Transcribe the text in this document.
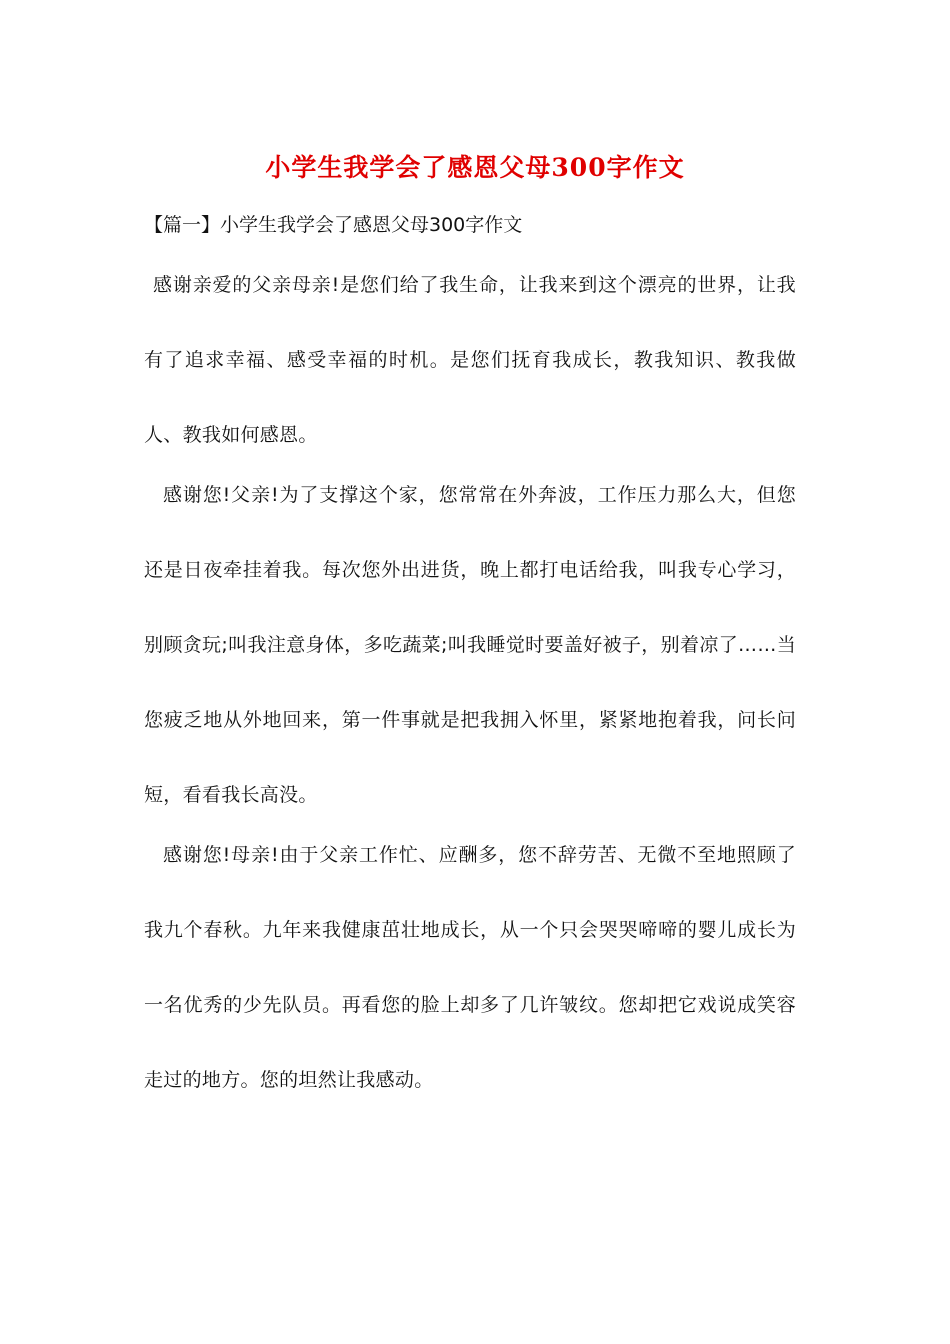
小学生我学会了感恩父母300字作文
【篇一】小学生我学会了感恩父母300字作文

感谢亲爱的父亲母亲!是您们给了我生命，让我来到这个漂亮的世界，让我有了追求幸福、感受幸福的时机。是您们抚育我成长，教我知识、教我做人、教我如何感恩。

感谢您!父亲!为了支撑这个家，您常常在外奔波，工作压力那么大，但您还是日夜牵挂着我。每次您外出进货，晚上都打电话给我，叫我专心学习，别顾贪玩;叫我注意身体，多吃蔬菜;叫我睡觉时要盖好被子，别着凉了……当您疲乏地从外地回来，第一件事就是把我拥入怀里，紧紧地抱着我，问长问短，看看我长高没。

感谢您!母亲!由于父亲工作忙、应酬多，您不辞劳苦、无微不至地照顾了我九个春秋。九年来我健康茁壮地成长，从一个只会哭哭啼啼的婴儿成长为一名优秀的少先队员。再看您的脸上却多了几许皱纹。您却把它戏说成笑容走过的地方。您的坦然让我感动。
